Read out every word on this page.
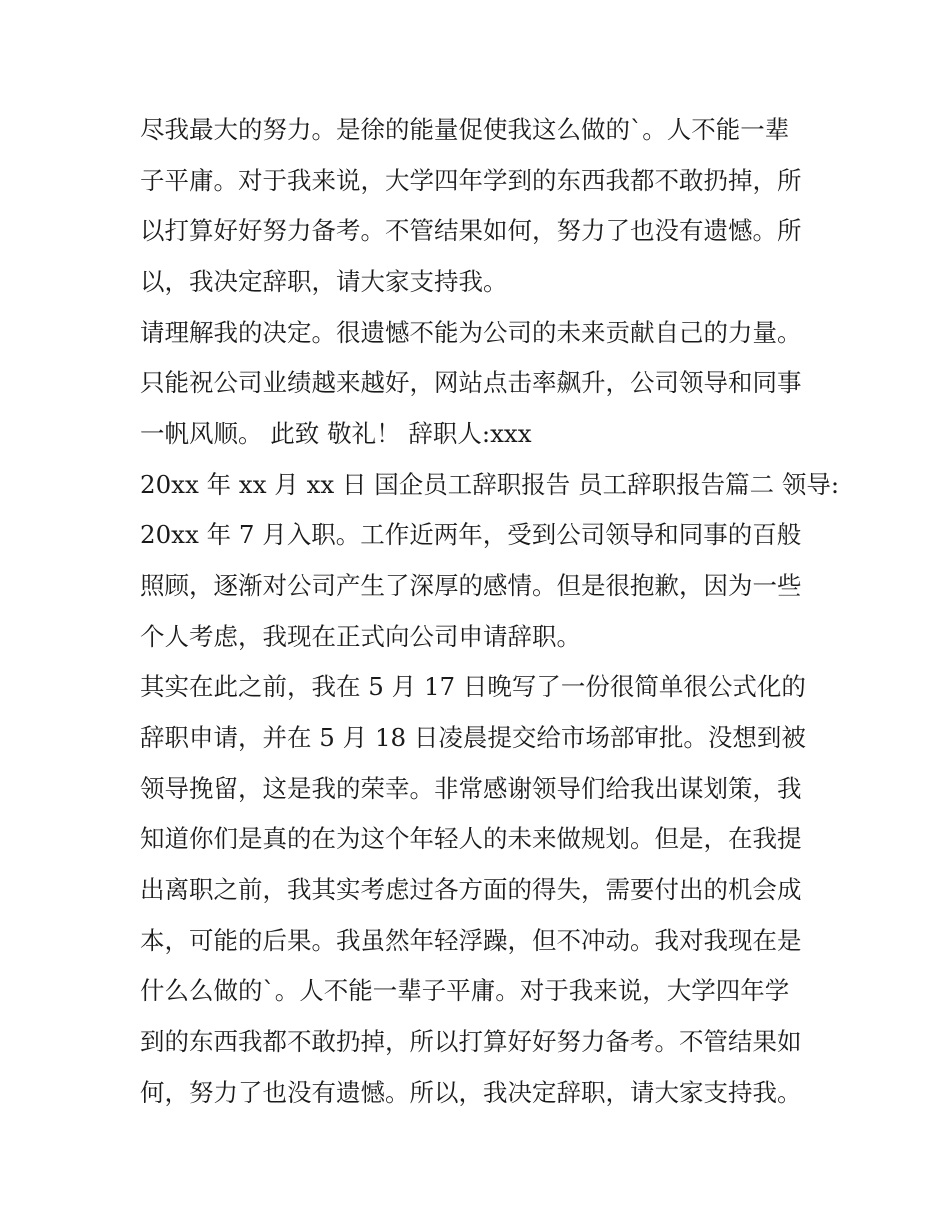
尽我最大的努力。是徐的能量促使我这么做的`。人不能一辈
子平庸。对于我来说，大学四年学到的东西我都不敢扔掉，所
以打算好好努力备考。不管结果如何，努力了也没有遗憾。所
以，我决定辞职，请大家支持我。
请理解我的决定。很遗憾不能为公司的未来贡献自己的力量。
只能祝公司业绩越来越好，网站点击率飙升，公司领导和同事
一帆风顺。 此致 敬礼！ 辞职人:xxx
20xx 年 xx 月 xx 日 国企员工辞职报告 员工辞职报告篇二 领导:
20xx 年 7 月入职。工作近两年，受到公司领导和同事的百般
照顾，逐渐对公司产生了深厚的感情。但是很抱歉，因为一些
个人考虑，我现在正式向公司申请辞职。
其实在此之前，我在 5 月 17 日晚写了一份很简单很公式化的
辞职申请，并在 5 月 18 日凌晨提交给市场部审批。没想到被
领导挽留，这是我的荣幸。非常感谢领导们给我出谋划策，我
知道你们是真的在为这个年轻人的未来做规划。但是，在我提
出离职之前，我其实考虑过各方面的得失，需要付出的机会成
本，可能的后果。我虽然年轻浮躁，但不冲动。我对我现在是
什么么做的`。人不能一辈子平庸。对于我来说，大学四年学
到的东西我都不敢扔掉，所以打算好好努力备考。不管结果如
何，努力了也没有遗憾。所以，我决定辞职，请大家支持我。
